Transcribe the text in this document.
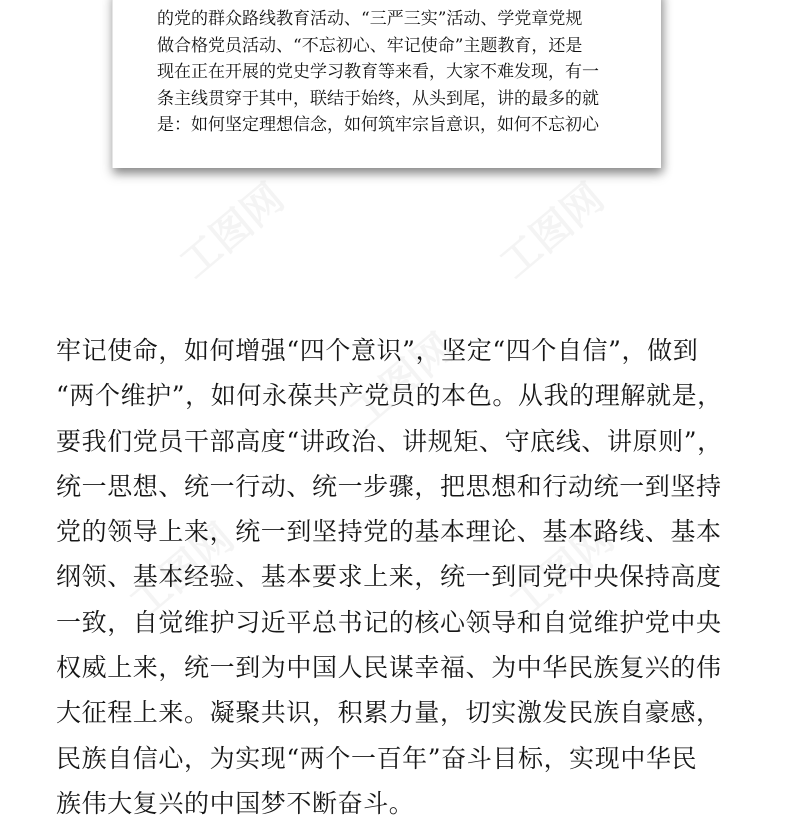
工图网	工图网
工图网
工图网	工图网
的党的群众路线教育活动、“三严三实”活动、学党章党规
做合格党员活动、“不忘初心、牢记使命”主题教育，还是
现在正在开展的党史学习教育等来看，大家不难发现，有一
条主线贯穿于其中，联结于始终，从头到尾，讲的最多的就
是：如何坚定理想信念，如何筑牢宗旨意识，如何不忘初心
牢记使命，如何增强“四个意识”，坚定“四个自信”，做到
“两个维护”，如何永葆共产党员的本色。从我的理解就是，
要我们党员干部高度“讲政治、讲规矩、守底线、讲原则”，
统一思想、统一行动、统一步骤，把思想和行动统一到坚持
党的领导上来，统一到坚持党的基本理论、基本路线、基本
纲领、基本经验、基本要求上来，统一到同党中央保持高度
一致，自觉维护习近平总书记的核心领导和自觉维护党中央
权威上来，统一到为中国人民谋幸福、为中华民族复兴的伟
大征程上来。凝聚共识，积累力量，切实激发民族自豪感，
民族自信心，为实现“两个一百年”奋斗目标，实现中华民
族伟大复兴的中国梦不断奋斗。
